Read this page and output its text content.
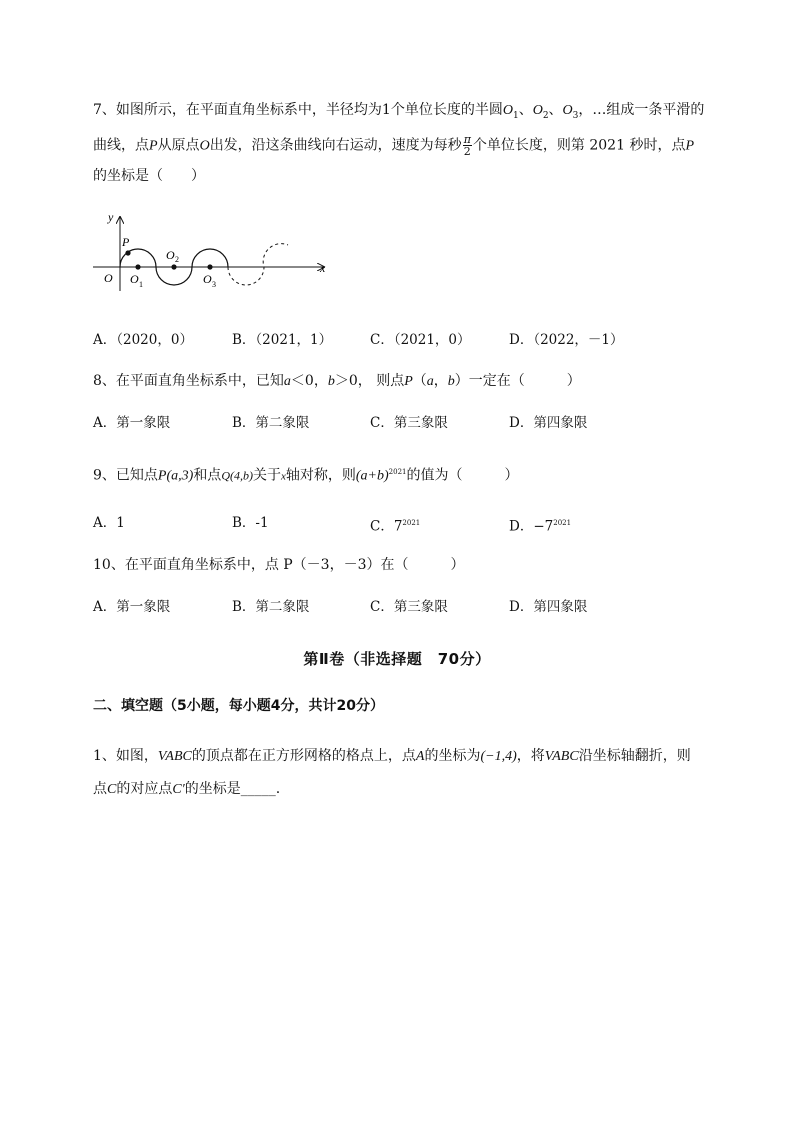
7、如图所示，在平面直角坐标系中，半径均为1个单位长度的半圆$O_1$、$O_2$、$O_3$，…组成一条平滑的
曲线，点P从原点O出发，沿这条曲线向右运动，速度为每秒 $\frac{\pi}{2}$ 个单位长度，则第 2021 秒时，点P
的坐标是（　　）
y
x
O
P
O 1
O 2
O 3
A．（2020，0）	B．（2021，1）	C．（2021，0）	D．（2022，－1）
8、在平面直角坐标系中，已知a＜0，b＞0， 则点P（a，b）一定在（　　　）
A．第一象限	B．第二象限	C．第三象限	D．第四象限
9、已知点P(a,3)和点Q(4,b)关于x轴对称，则$(a+b)^{2021}$的值为（　　　）
A．1	B．-1	C．$7^{2021}$	D．$-7^{2021}$
10、在平面直角坐标系中，点 P（－3，－3）在（　　　）
A．第一象限	B．第二象限	C．第三象限	D．第四象限
第Ⅱ卷（非选择题　70分）
二、填空题（5小题，每小题4分，共计20分）
1、如图，VABC的顶点都在正方形网格的格点上，点A的坐标为(−1,4)，将VABC沿坐标轴翻折，则
点C的对应点C′的坐标是_____.
